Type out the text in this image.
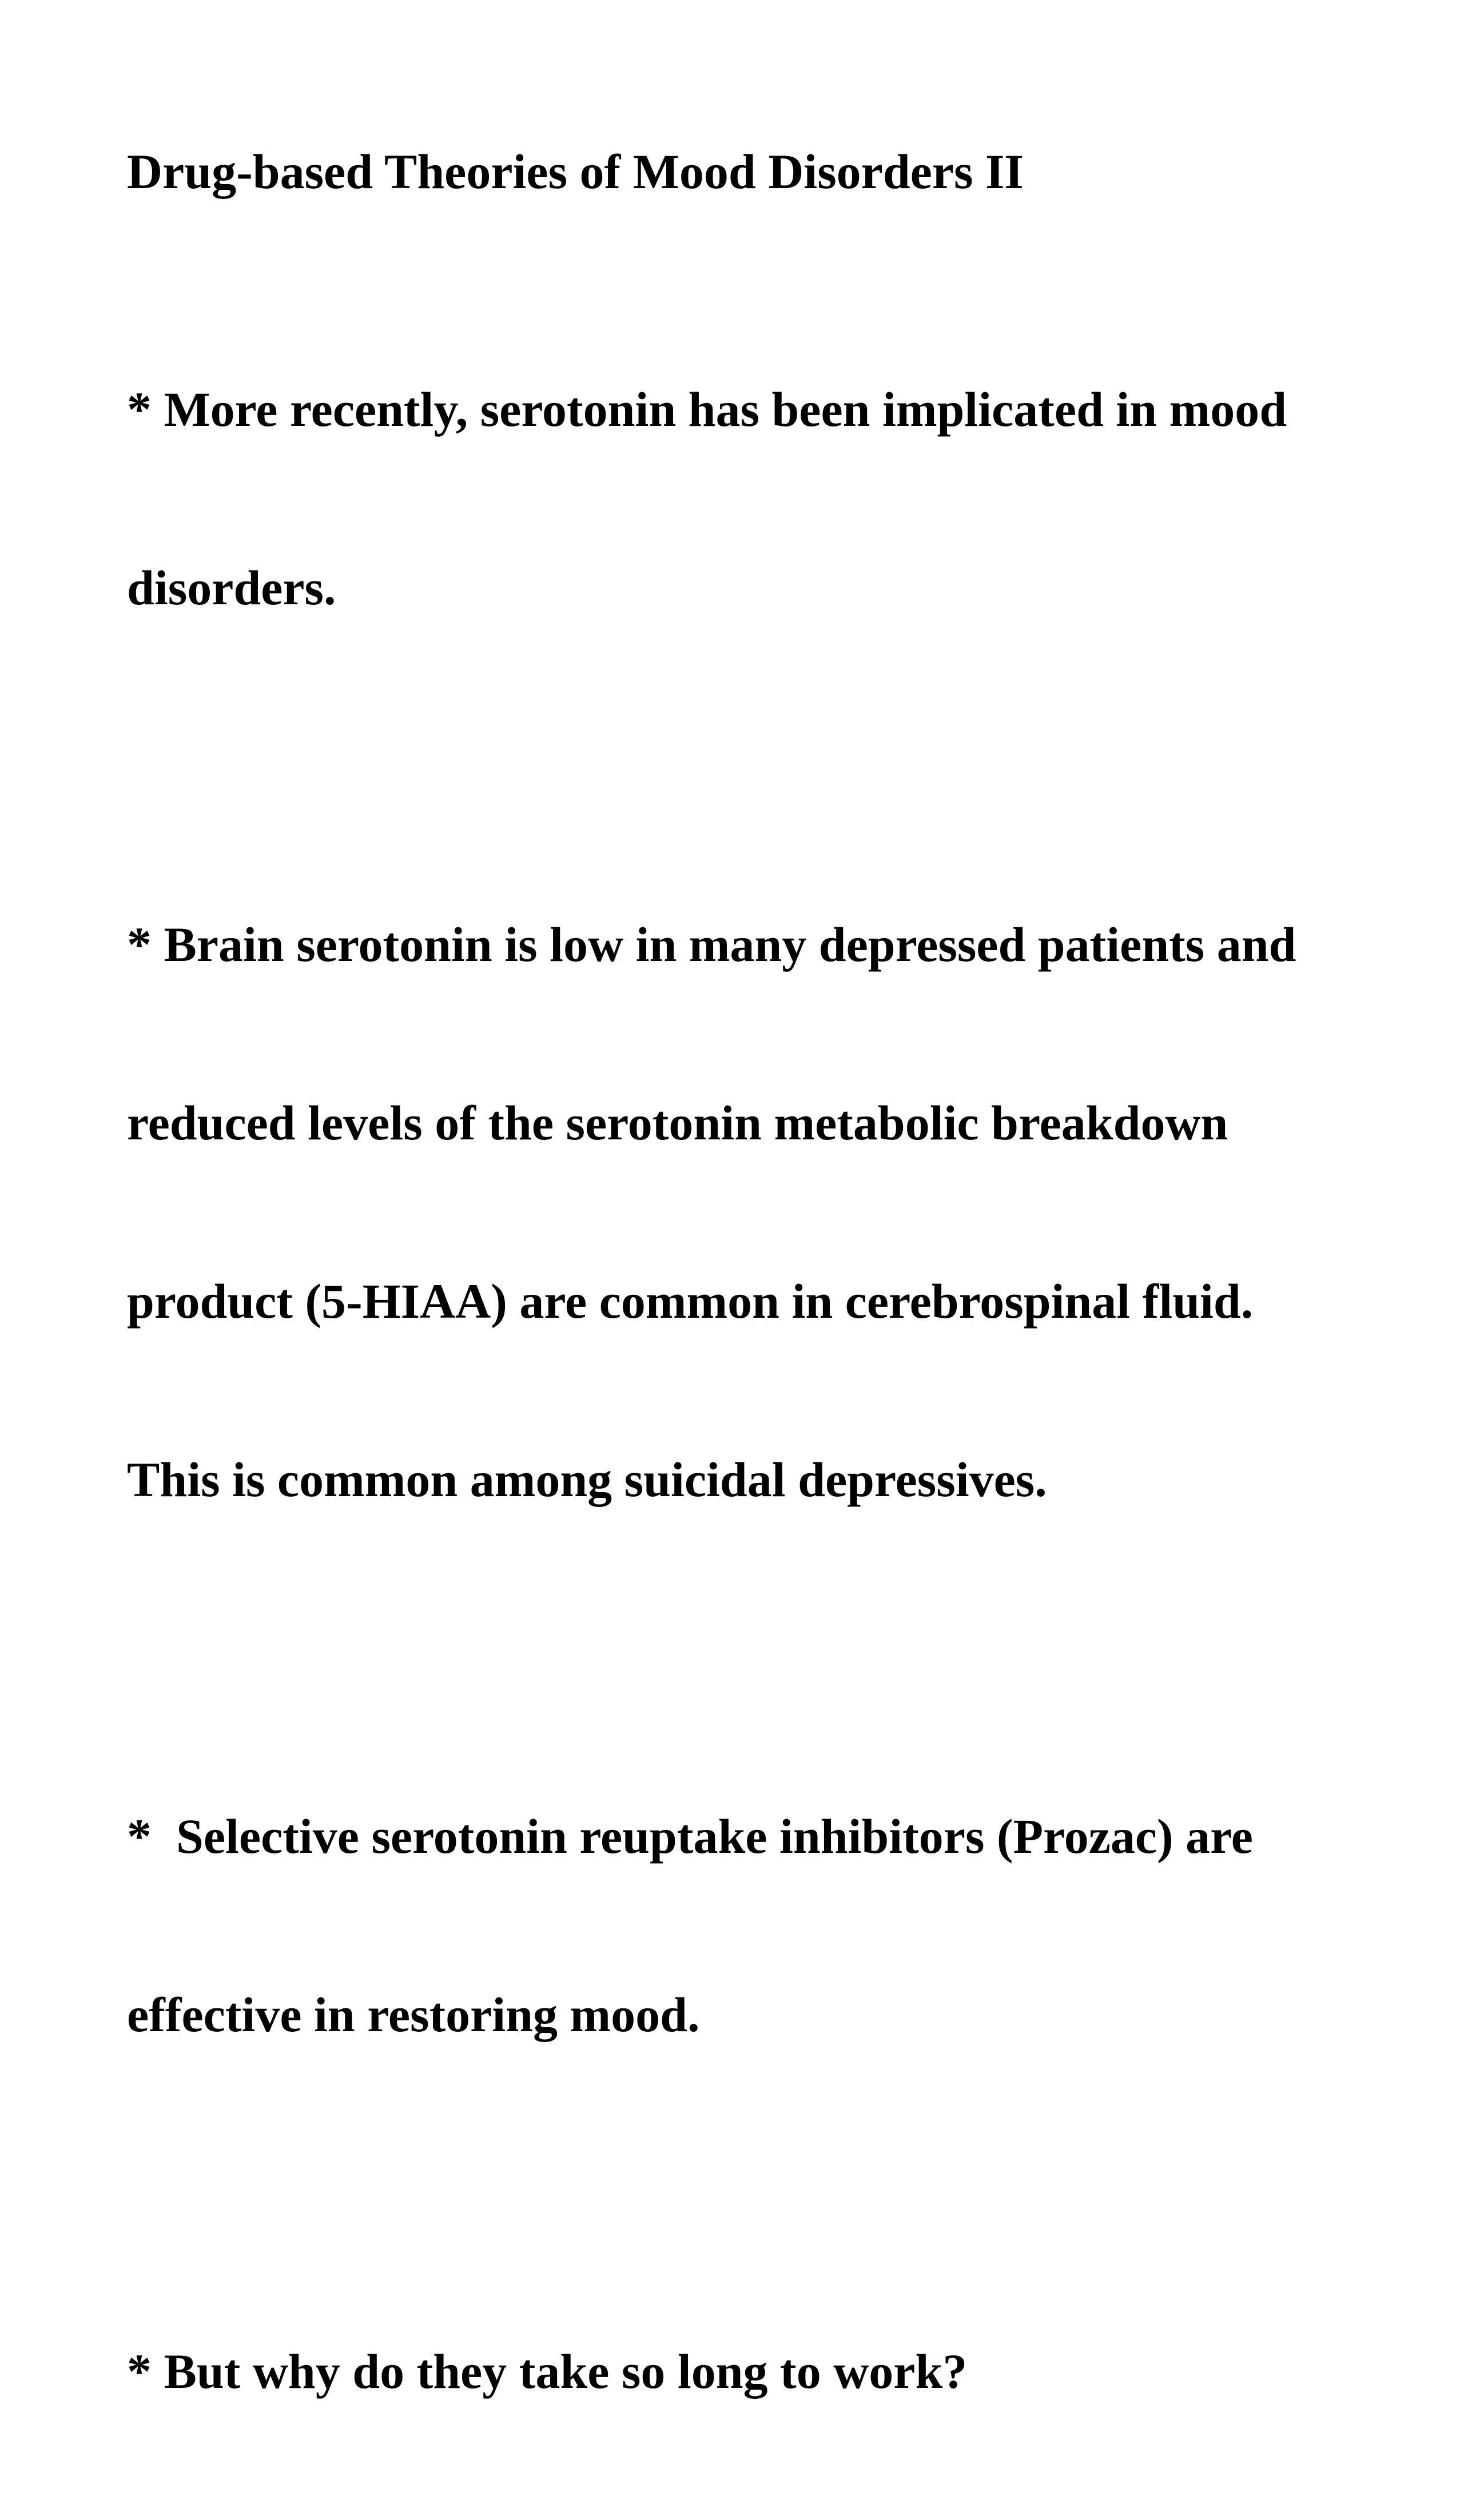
Drug-based Theories of Mood Disorders II

* More recently, serotonin has been implicated in mood

disorders.

* Brain serotonin is low in many depressed patients and

reduced levels of the serotonin metabolic breakdown

product (5-HIAA) are common in cerebrospinal fluid.

This is common among suicidal depressives.

*  Selective serotonin reuptake inhibitors (Prozac) are

effective in restoring mood.

* But why do they take so long to work?
